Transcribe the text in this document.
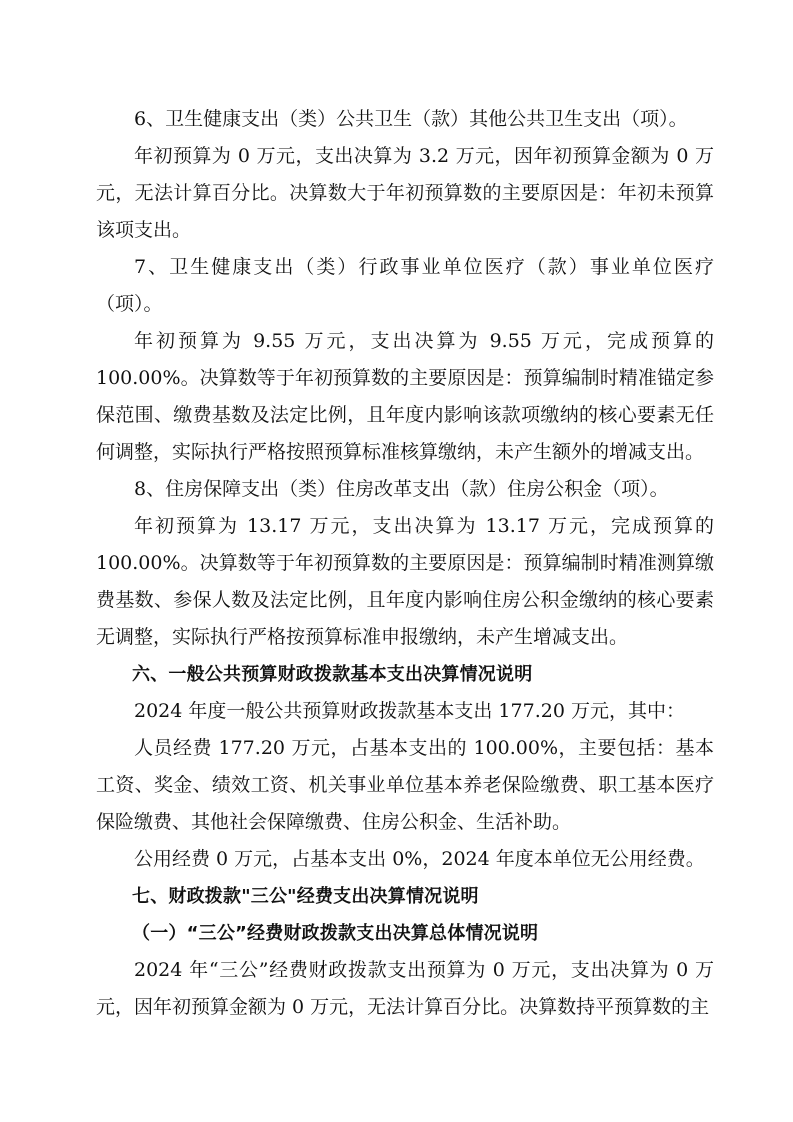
6、卫生健康支出（类）公共卫生（款）其他公共卫生支出（项）。

年初预算为 0 万元，支出决算为 3.2 万元，因年初预算金额为 0 万元，无法计算百分比。决算数大于年初预算数的主要原因是：年初未预算该项支出。

7、卫生健康支出（类）行政事业单位医疗（款）事业单位医疗（项）。

年初预算为 9.55 万元，支出决算为 9.55 万元，完成预算的 100.00%。决算数等于年初预算数的主要原因是：预算编制时精准锚定参保范围、缴费基数及法定比例，且年度内影响该款项缴纳的核心要素无任何调整，实际执行严格按照预算标准核算缴纳，未产生额外的增减支出。

8、住房保障支出（类）住房改革支出（款）住房公积金（项）。

年初预算为 13.17 万元，支出决算为 13.17 万元，完成预算的 100.00%。决算数等于年初预算数的主要原因是：预算编制时精准测算缴费基数、参保人数及法定比例，且年度内影响住房公积金缴纳的核心要素无调整，实际执行严格按预算标准申报缴纳，未产生增减支出。

六、一般公共预算财政拨款基本支出决算情况说明

2024 年度一般公共预算财政拨款基本支出 177.20 万元，其中：

人员经费 177.20 万元，占基本支出的 100.00%，主要包括：基本工资、奖金、绩效工资、机关事业单位基本养老保险缴费、职工基本医疗保险缴费、其他社会保障缴费、住房公积金、生活补助。

公用经费 0 万元，占基本支出 0%，2024 年度本单位无公用经费。

七、财政拨款"三公"经费支出决算情况说明

（一）“三公”经费财政拨款支出决算总体情况说明

2024 年“三公”经费财政拨款支出预算为 0 万元，支出决算为 0 万元，因年初预算金额为 0 万元，无法计算百分比。决算数持平预算数的主
